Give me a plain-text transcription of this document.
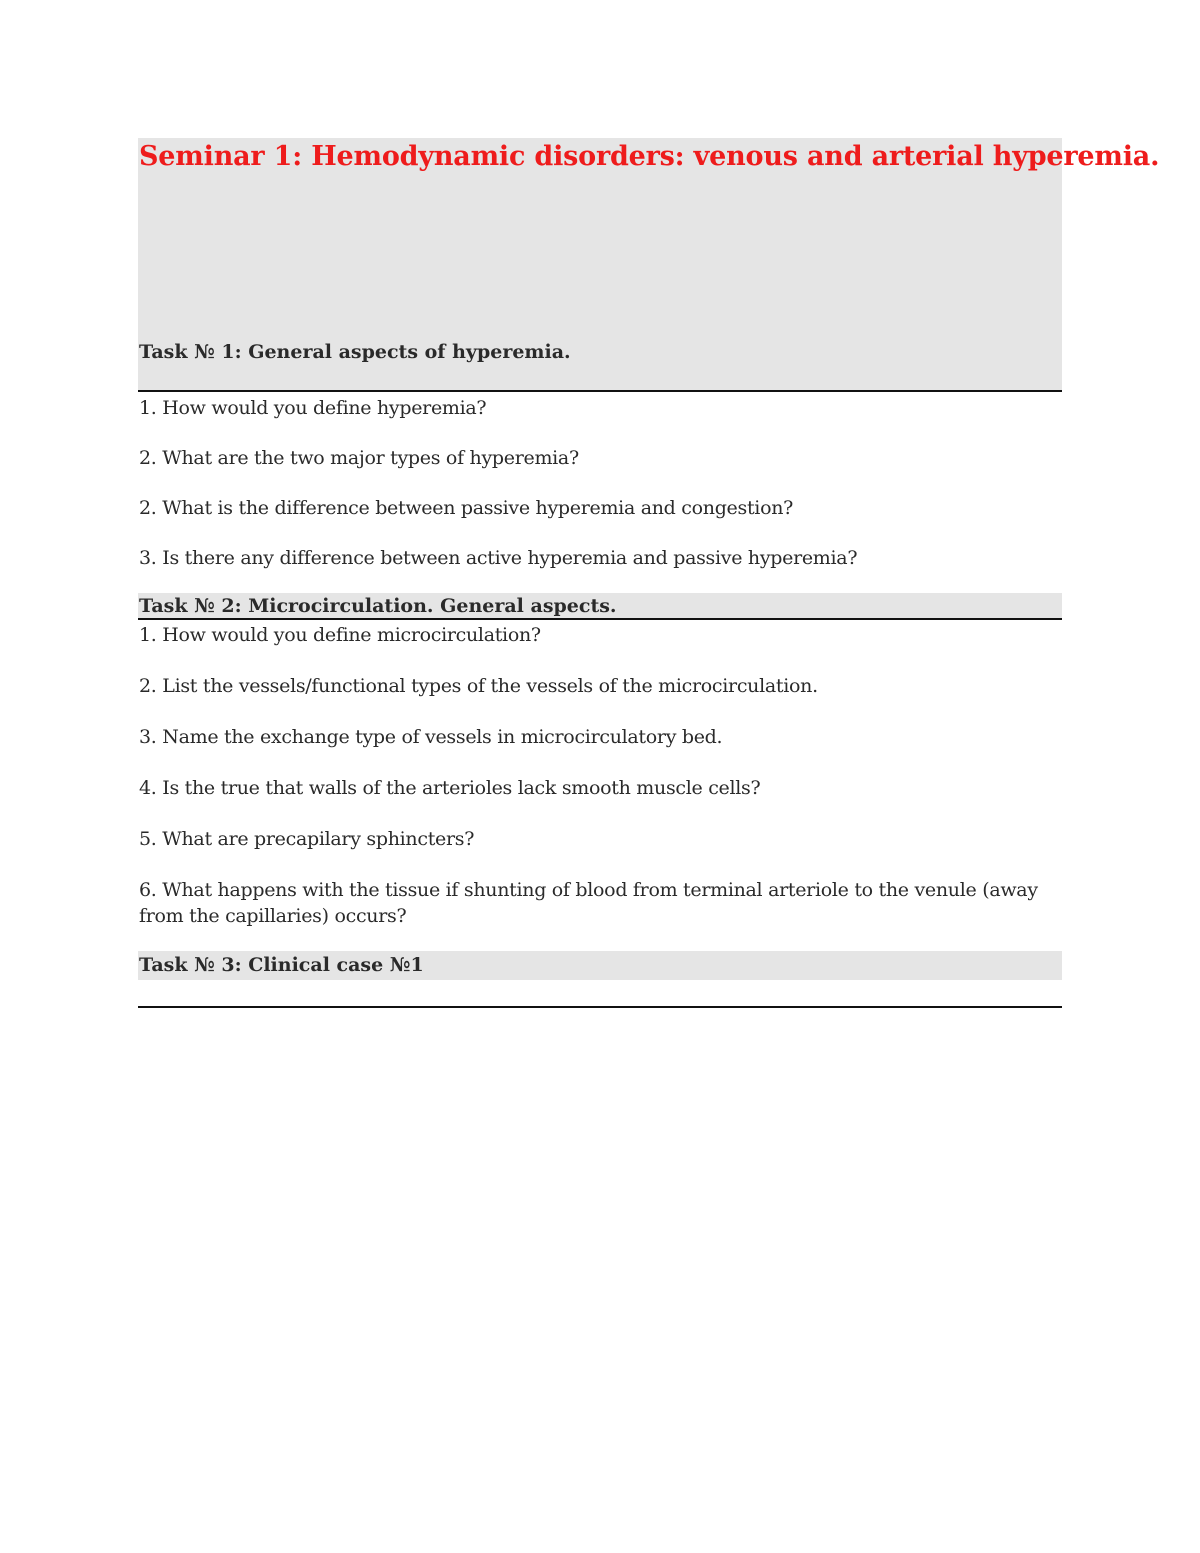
Seminar 1: Hemodynamic disorders: venous and arterial hyperemia.
Task № 1: General aspects of hyperemia.
1. How would you define hyperemia?
2. What are the two major types of hyperemia?
2. What is the difference between passive hyperemia and congestion?
3. Is there any difference between active hyperemia and passive hyperemia?
Task № 2: Microcirculation. General aspects.
1. How would you define microcirculation?
2. List the vessels/functional types of the vessels of the microcirculation.
3. Name the exchange type of vessels in microcirculatory bed.
4. Is the true that walls of the arterioles lack smooth muscle cells?
5. What are precapilary sphincters?
6. What happens with the tissue if shunting of blood from terminal arteriole to the venule (away from the capillaries) occurs?
Task № 3: Clinical case №1
